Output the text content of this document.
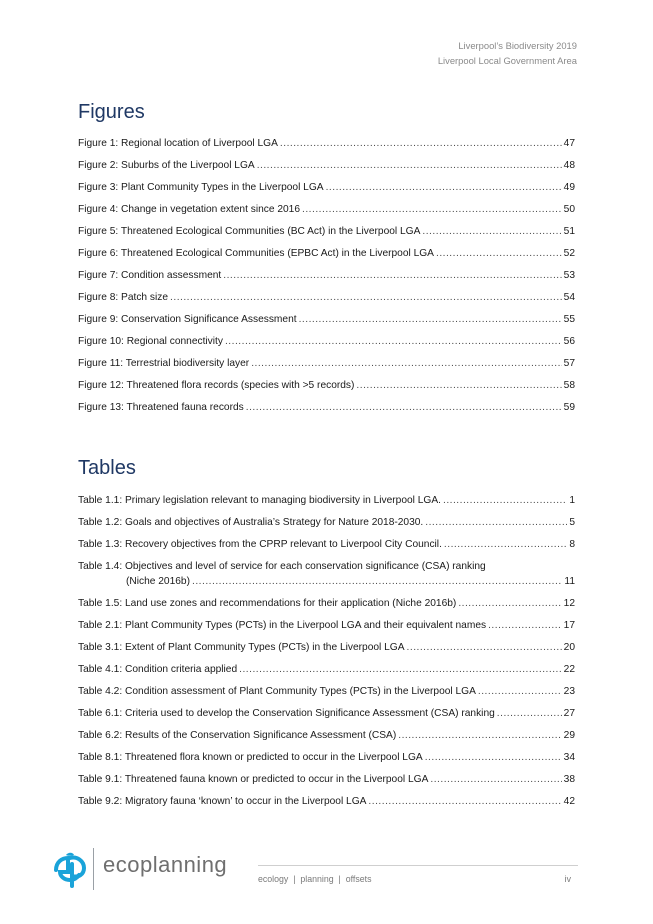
Liverpool’s Biodiversity 2019
Liverpool Local Government Area
Figures
Figure 1: Regional location of Liverpool LGA .....	47
Figure 2: Suburbs of the Liverpool LGA .....	48
Figure 3: Plant Community Types in the Liverpool LGA .....	49
Figure 4: Change in vegetation extent since 2016 .....	50
Figure 5: Threatened Ecological Communities (BC Act) in the Liverpool LGA .....	51
Figure 6: Threatened Ecological Communities (EPBC Act) in the Liverpool LGA .....	52
Figure 7: Condition assessment .....	53
Figure 8: Patch size .....	54
Figure 9: Conservation Significance Assessment .....	55
Figure 10: Regional connectivity .....	56
Figure 11: Terrestrial biodiversity layer .....	57
Figure 12: Threatened flora records (species with >5 records) .....	58
Figure 13: Threatened fauna records .....	59
Tables
Table 1.1: Primary legislation relevant to managing biodiversity in Liverpool LGA. .....	1
Table 1.2: Goals and objectives of Australia’s Strategy for Nature 2018-2030. .....	5
Table 1.3: Recovery objectives from the CPRP relevant to Liverpool City Council. .....	8
Table 1.4: Objectives and level of service for each conservation significance (CSA) ranking
(Niche 2016b) .....	11
Table 1.5: Land use zones and recommendations for their application (Niche 2016b) .....	12
Table 2.1: Plant Community Types (PCTs) in the Liverpool LGA and their equivalent names .....	17
Table 3.1: Extent of Plant Community Types (PCTs) in the Liverpool LGA .....	20
Table 4.1: Condition criteria applied .....	22
Table 4.2: Condition assessment of Plant Community Types (PCTs) in the Liverpool LGA .....	23
Table 6.1: Criteria used to develop the Conservation Significance Assessment (CSA) ranking .....	27
Table 6.2: Results of the Conservation Significance Assessment (CSA) .....	29
Table 8.1: Threatened flora known or predicted to occur in the Liverpool LGA .....	34
Table 9.1: Threatened fauna known or predicted to occur in the Liverpool LGA .....	38
Table 9.2: Migratory fauna ‘known’ to occur in the Liverpool LGA .....	42
ecoplanning
ecology  |  planning  |  offsets	iv
